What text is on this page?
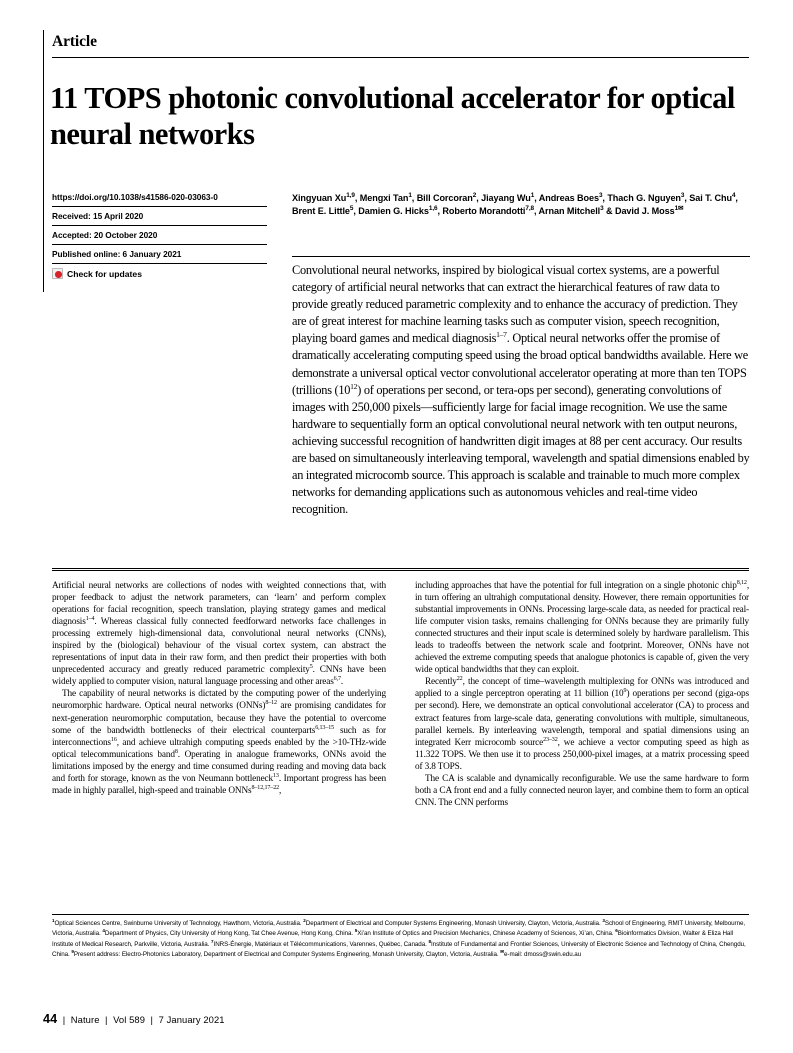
Article
11 TOPS photonic convolutional accelerator for optical neural networks
https://doi.org/10.1038/s41586-020-03063-0
Received: 15 April 2020
Accepted: 20 October 2020
Published online: 6 January 2021
Check for updates
Xingyuan Xu$^{1,9}$, Mengxi Tan$^1$, Bill Corcoran$^2$, Jiayang Wu$^1$, Andreas Boes$^3$, Thach G. Nguyen$^3$, Sai T. Chu$^4$, Brent E. Little$^5$, Damien G. Hicks$^{1,6}$, Roberto Morandotti$^{7,8}$, Arnan Mitchell$^3$ & David J. Moss$^{1✉}$
Convolutional neural networks, inspired by biological visual cortex systems, are a powerful category of artificial neural networks that can extract the hierarchical features of raw data to provide greatly reduced parametric complexity and to enhance the accuracy of prediction. They are of great interest for machine learning tasks such as computer vision, speech recognition, playing board games and medical diagnosis$^{1-7}$. Optical neural networks offer the promise of dramatically accelerating computing speed using the broad optical bandwidths available. Here we demonstrate a universal optical vector convolutional accelerator operating at more than ten TOPS (trillions $(10^{12})$ of operations per second, or tera-ops per second), generating convolutions of images with 250,000 pixels—sufficiently large for facial image recognition. We use the same hardware to sequentially form an optical convolutional neural network with ten output neurons, achieving successful recognition of handwritten digit images at 88 per cent accuracy. Our results are based on simultaneously interleaving temporal, wavelength and spatial dimensions enabled by an integrated microcomb source. This approach is scalable and trainable to much more complex networks for demanding applications such as autonomous vehicles and real-time video recognition.

Artificial neural networks are collections of nodes with weighted connections that, with proper feedback to adjust the network parameters, can ‘learn’ and perform complex operations for facial recognition, speech translation, playing strategy games and medical diagnosis$^{1-4}$. Whereas classical fully connected feedforward networks face challenges in processing extremely high-dimensional data, convolutional neural networks (CNNs), inspired by the (biological) behaviour of the visual cortex system, can abstract the representations of input data in their raw form, and then predict their properties with both unprecedented accuracy and greatly reduced parametric complexity$^5$. CNNs have been widely applied to computer vision, natural language processing and other areas$^{6,7}$.

The capability of neural networks is dictated by the computing power of the underlying neuromorphic hardware. Optical neural networks (ONNs)$^{8-12}$ are promising candidates for next-generation neuromorphic computation, because they have the potential to overcome some of the bandwidth bottlenecks of their electrical counterparts$^{6,13-15}$ such as for interconnections$^{16}$, and achieve ultrahigh computing speeds enabled by the >10-THz-wide optical telecommunications band$^8$. Operating in analogue frameworks, ONNs avoid the limitations imposed by the energy and time consumed during reading and moving data back and forth for storage, known as the von Neumann bottleneck$^{13}$. Important progress has been made in highly parallel, high-speed and trainable ONNs$^{8-12,17-22}$,

including approaches that have the potential for full integration on a single photonic chip$^{8,12}$, in turn offering an ultrahigh computational density. However, there remain opportunities for substantial improvements in ONNs. Processing large-scale data, as needed for practical real-life computer vision tasks, remains challenging for ONNs because they are primarily fully connected structures and their input scale is determined solely by hardware parallelism. This leads to tradeoffs between the network scale and footprint. Moreover, ONNs have not achieved the extreme computing speeds that analogue photonics is capable of, given the very wide optical bandwidths that they can exploit.

Recently$^{22}$, the concept of time–wavelength multiplexing for ONNs was introduced and applied to a single perceptron operating at 11 billion $(10^9)$ operations per second (giga-ops per second). Here, we demonstrate an optical convolutional accelerator (CA) to process and extract features from large-scale data, generating convolutions with multiple, simultaneous, parallel kernels. By interleaving wavelength, temporal and spatial dimensions using an integrated Kerr microcomb source$^{23-32}$, we achieve a vector computing speed as high as 11.322 TOPS. We then use it to process 250,000-pixel images, at a matrix processing speed of 3.8 TOPS.

The CA is scalable and dynamically reconfigurable. We use the same hardware to form both a CA front end and a fully connected neuron layer, and combine them to form an optical CNN. The CNN performs

$^1$Optical Sciences Centre, Swinburne University of Technology, Hawthorn, Victoria, Australia. $^2$Department of Electrical and Computer Systems Engineering, Monash University, Clayton, Victoria, Australia. $^3$School of Engineering, RMIT University, Melbourne, Victoria, Australia. $^4$Department of Physics, City University of Hong Kong, Tat Chee Avenue, Hong Kong, China. $^5$Xi’an Institute of Optics and Precision Mechanics, Chinese Academy of Sciences, Xi’an, China. $^6$Bioinformatics Division, Walter & Eliza Hall Institute of Medical Research, Parkville, Victoria, Australia. $^7$INRS-Énergie, Matériaux et Télécommunications, Varennes, Québec, Canada. $^8$Institute of Fundamental and Frontier Sciences, University of Electronic Science and Technology of China, Chengdu, China. $^9$Present address: Electro-Photonics Laboratory, Department of Electrical and Computer Systems Engineering, Monash University, Clayton, Victoria, Australia. ✉e-mail: dmoss@swin.edu.au
44 | Nature | Vol 589 | 7 January 2021
